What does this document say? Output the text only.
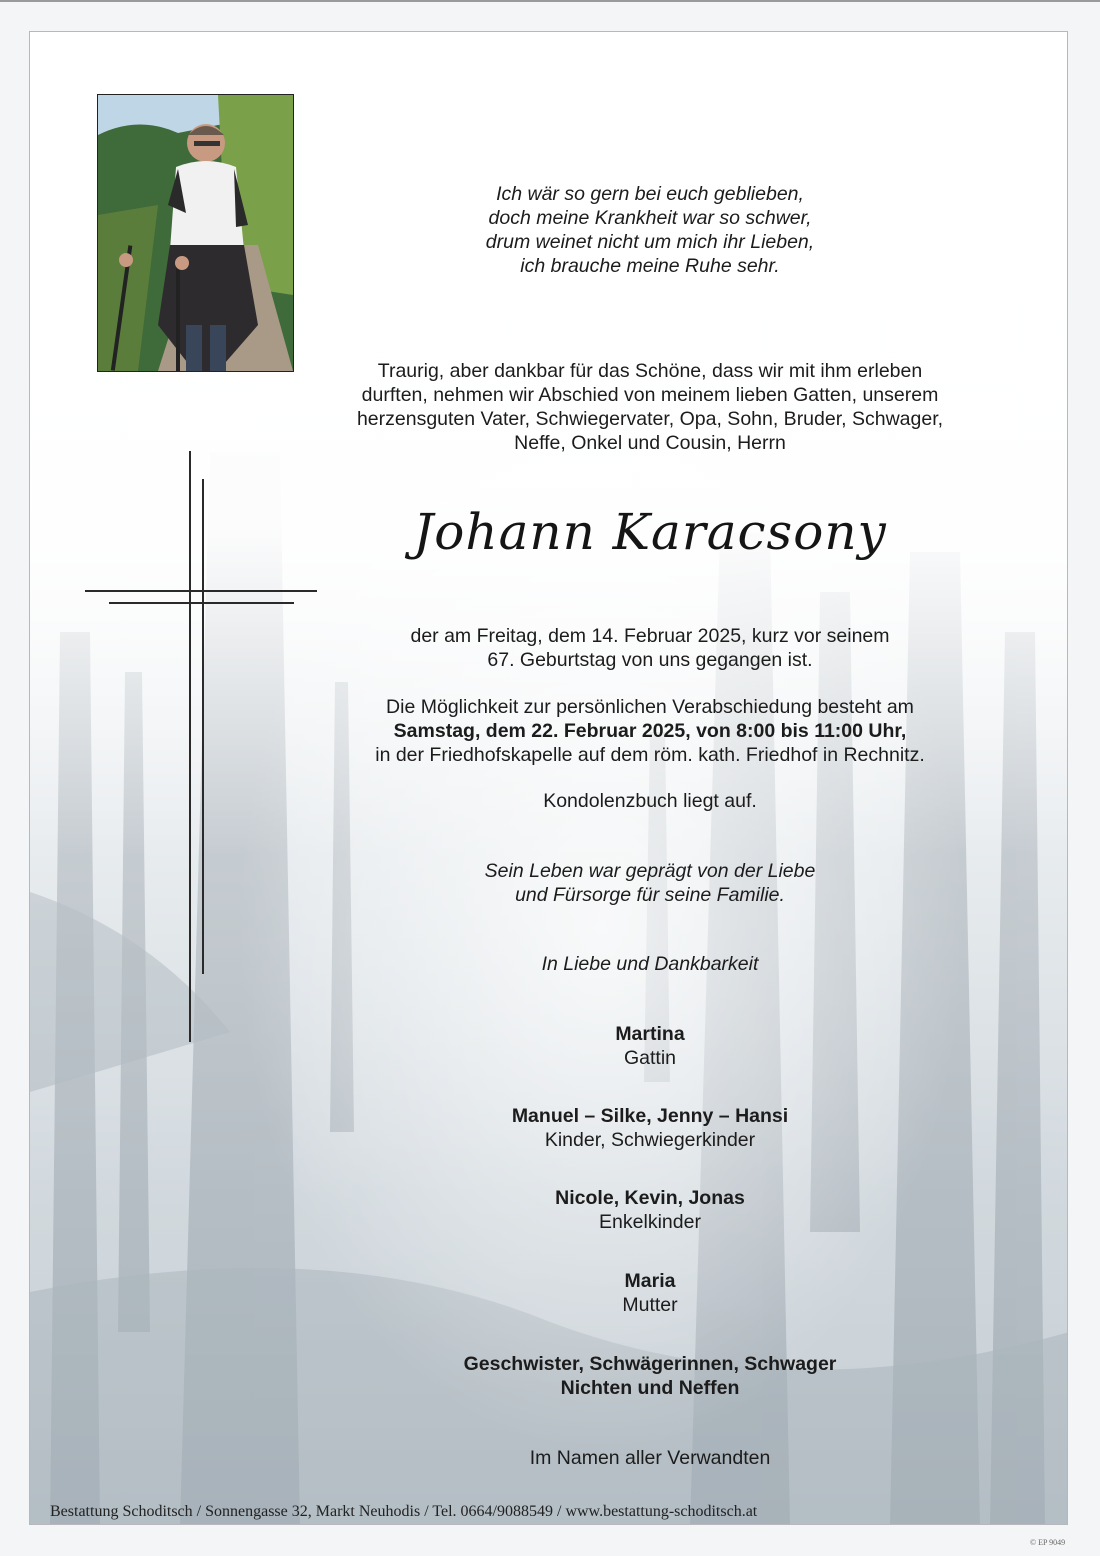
Ich wär so gern bei euch geblieben,
doch meine Krankheit war so schwer,
drum weinet nicht um mich ihr Lieben,
ich brauche meine Ruhe sehr.
Traurig, aber dankbar für das Schöne, dass wir mit ihm erleben
durften, nehmen wir Abschied von meinem lieben Gatten, unserem
herzensguten Vater, Schwiegervater, Opa, Sohn, Bruder, Schwager,
Neffe, Onkel und Cousin, Herrn
Johann Karacsony
der am Freitag, dem 14. Februar 2025, kurz vor seinem
67. Geburtstag von uns gegangen ist.
Die Möglichkeit zur persönlichen Verabschiedung besteht am
Samstag, dem 22. Februar 2025, von 8:00 bis 11:00 Uhr,
in der Friedhofskapelle auf dem röm. kath. Friedhof in Rechnitz.
Kondolenzbuch liegt auf.
Sein Leben war geprägt von der Liebe
und Fürsorge für seine Familie.
In Liebe und Dankbarkeit
Martina
Gattin
Manuel – Silke, Jenny – Hansi
Kinder, Schwiegerkinder
Nicole, Kevin, Jonas
Enkelkinder
Maria
Mutter
Geschwister, Schwägerinnen, Schwager
Nichten und Neffen
Im Namen aller Verwandten
Bestattung Schoditsch / Sonnengasse 32, Markt Neuhodis / Tel. 0664/9088549 / www.bestattung-schoditsch.at
© EP 9049
